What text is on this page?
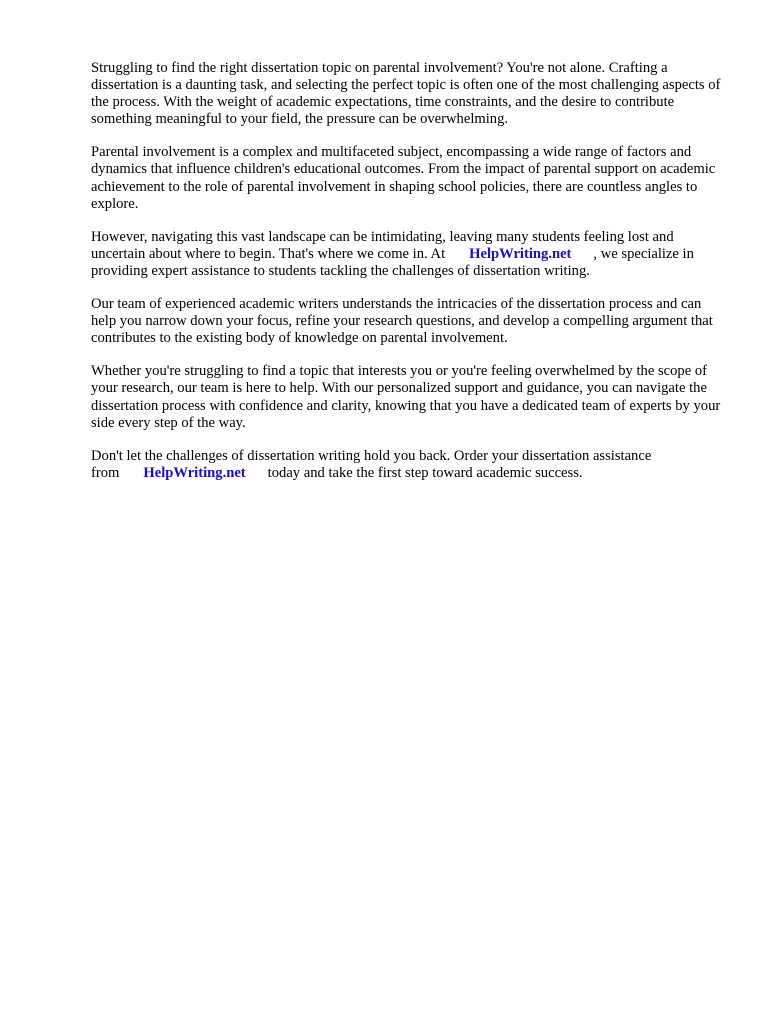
Struggling to find the right dissertation topic on parental involvement? You're not alone. Crafting a dissertation is a daunting task, and selecting the perfect topic is often one of the most challenging aspects of the process. With the weight of academic expectations, time constraints, and the desire to contribute something meaningful to your field, the pressure can be overwhelming.

Parental involvement is a complex and multifaceted subject, encompassing a wide range of factors and dynamics that influence children's educational outcomes. From the impact of parental support on academic achievement to the role of parental involvement in shaping school policies, there are countless angles to explore.

However, navigating this vast landscape can be intimidating, leaving many students feeling lost and uncertain about where to begin. That's where we come in. At HelpWriting.net , we specialize in providing expert assistance to students tackling the challenges of dissertation writing.

Our team of experienced academic writers understands the intricacies of the dissertation process and can help you narrow down your focus, refine your research questions, and develop a compelling argument that contributes to the existing body of knowledge on parental involvement.

Whether you're struggling to find a topic that interests you or you're feeling overwhelmed by the scope of your research, our team is here to help. With our personalized support and guidance, you can navigate the dissertation process with confidence and clarity, knowing that you have a dedicated team of experts by your side every step of the way.

Don't let the challenges of dissertation writing hold you back. Order your dissertation assistance from HelpWriting.net today and take the first step toward academic success.
